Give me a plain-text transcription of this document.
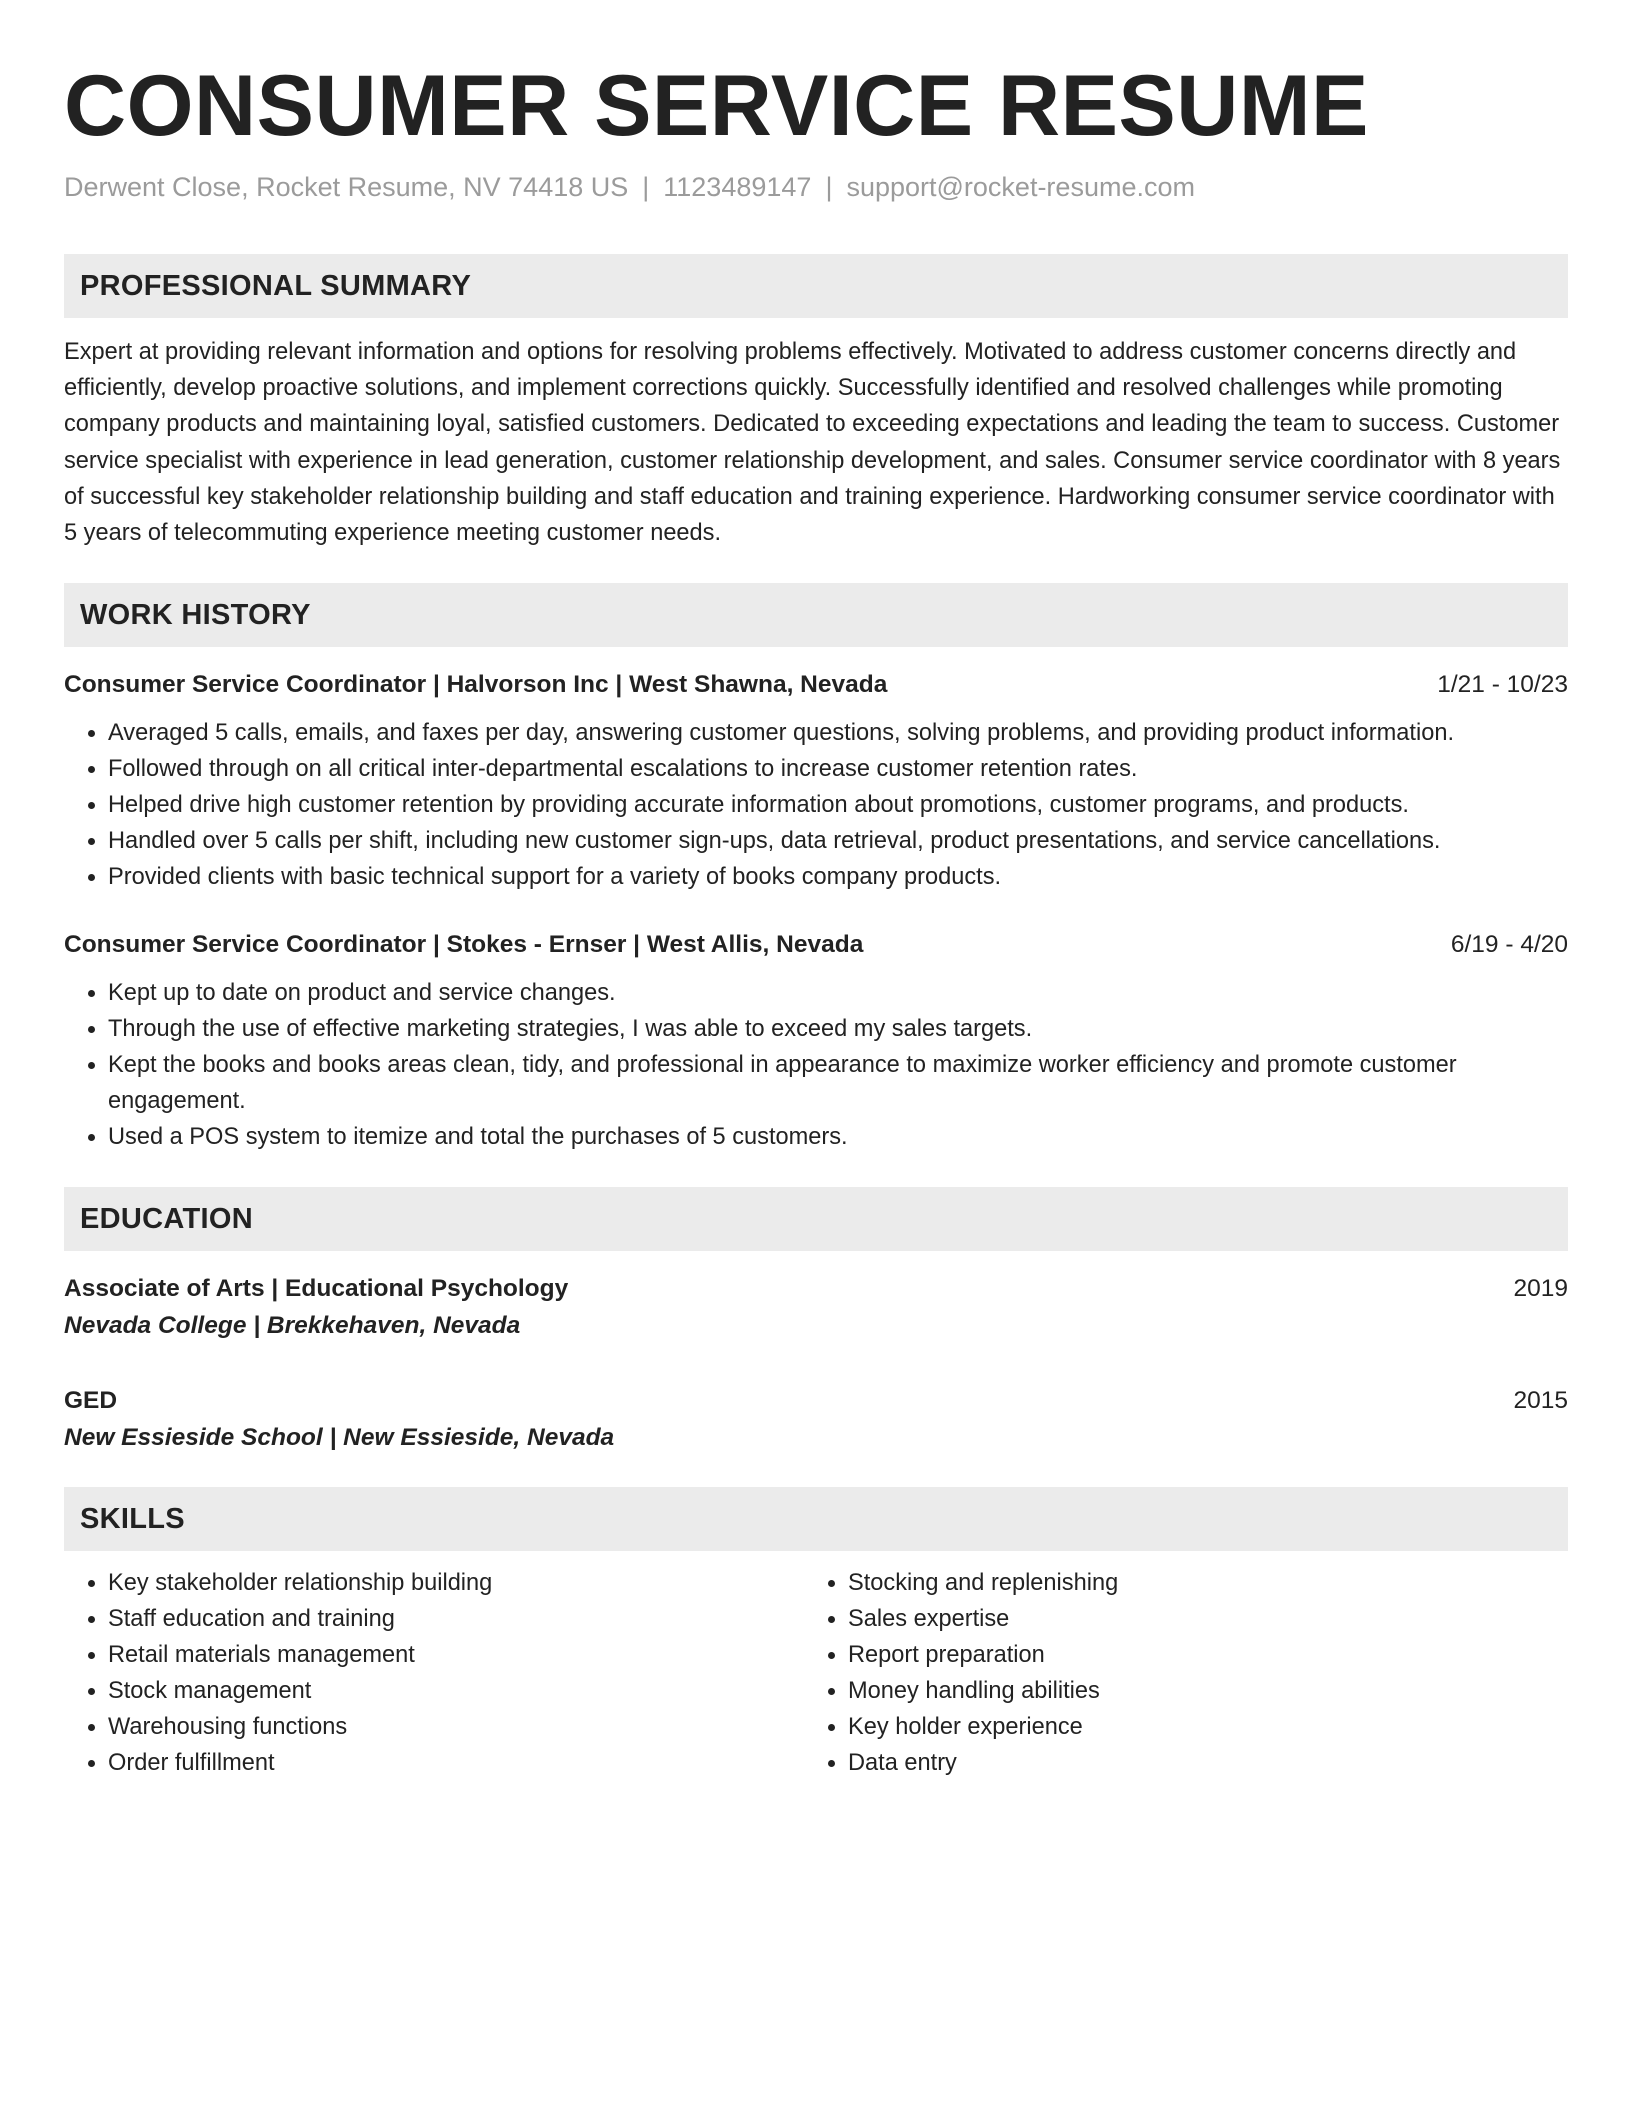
CONSUMER SERVICE RESUME
Derwent Close, Rocket Resume, NV 74418 US | 1123489147 | support@rocket-resume.com
PROFESSIONAL SUMMARY
Expert at providing relevant information and options for resolving problems effectively. Motivated to address customer concerns directly and efficiently, develop proactive solutions, and implement corrections quickly. Successfully identified and resolved challenges while promoting company products and maintaining loyal, satisfied customers. Dedicated to exceeding expectations and leading the team to success. Customer service specialist with experience in lead generation, customer relationship development, and sales. Consumer service coordinator with 8 years of successful key stakeholder relationship building and staff education and training experience. Hardworking consumer service coordinator with 5 years of telecommuting experience meeting customer needs.
WORK HISTORY
Consumer Service Coordinator | Halvorson Inc | West Shawna, Nevada	1/21 - 10/23
• Averaged 5 calls, emails, and faxes per day, answering customer questions, solving problems, and providing product information.
• Followed through on all critical inter-departmental escalations to increase customer retention rates.
• Helped drive high customer retention by providing accurate information about promotions, customer programs, and products.
• Handled over 5 calls per shift, including new customer sign-ups, data retrieval, product presentations, and service cancellations.
• Provided clients with basic technical support for a variety of books company products.
Consumer Service Coordinator | Stokes - Ernser | West Allis, Nevada	6/19 - 4/20
• Kept up to date on product and service changes.
• Through the use of effective marketing strategies, I was able to exceed my sales targets.
• Kept the books and books areas clean, tidy, and professional in appearance to maximize worker efficiency and promote customer engagement.
• Used a POS system to itemize and total the purchases of 5 customers.
EDUCATION
Associate of Arts | Educational Psychology	2019
Nevada College | Brekkehaven, Nevada
GED	2015
New Essieside School | New Essieside, Nevada
SKILLS
• Key stakeholder relationship building
• Staff education and training
• Retail materials management
• Stock management
• Warehousing functions
• Order fulfillment
• Stocking and replenishing
• Sales expertise
• Report preparation
• Money handling abilities
• Key holder experience
• Data entry
